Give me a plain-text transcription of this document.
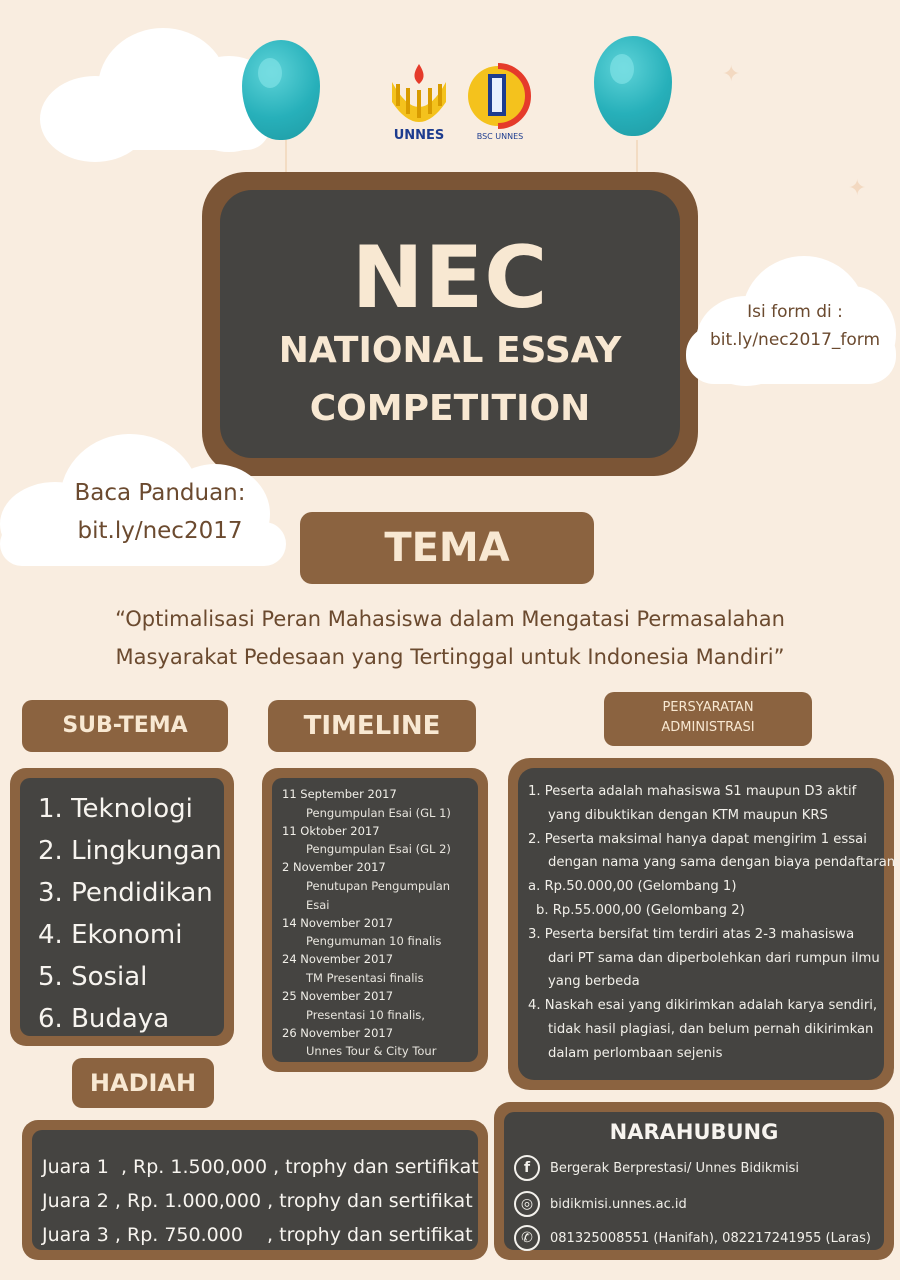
✦
✦
UNNES	BSC UNNES
NEC
NATIONAL ESSAY
COMPETITION
Isi form di :
bit.ly/nec2017_form
Baca Panduan:
bit.ly/nec2017	TEMA
“Optimalisasi Peran Mahasiswa dalam Mengatasi Permasalahan
Masyarakat Pedesaan yang Tertinggal untuk Indonesia Mandiri”
SUB-TEMA
1. Teknologi
2. Lingkungan
3. Pendidikan
4. Ekonomi
5. Sosial
6. Budaya
TIMELINE
11 September 2017
Pengumpulan Esai (GL 1)
11 Oktober 2017
Pengumpulan Esai (GL 2)
2 November 2017
Penutupan Pengumpulan
Esai
14 November 2017
Pengumuman 10 finalis
24 November 2017
TM Presentasi finalis
25 November 2017
Presentasi 10 finalis,
26 November 2017
Unnes Tour & City Tour
PERSYARATAN
ADMINISTRASI
1. Peserta adalah mahasiswa S1 maupun D3 aktif
yang dibuktikan dengan KTM maupun KRS
2. Peserta maksimal hanya dapat mengirim 1 essai
dengan nama yang sama dengan biaya pendaftaran:
a. Rp.50.000,00 (Gelombang 1)
b. Rp.55.000,00 (Gelombang 2)
3. Peserta bersifat tim terdiri atas 2-3 mahasiswa
dari PT sama dan diperbolehkan dari rumpun ilmu
yang berbeda
4. Naskah esai yang dikirimkan adalah karya sendiri,
tidak hasil plagiasi, dan belum pernah dikirimkan
dalam perlombaan sejenis
HADIAH
Juara 1  , Rp. 1.500,000 , trophy dan sertifikat
Juara 2 , Rp. 1.000,000 , trophy dan sertifikat
Juara 3 , Rp. 750.000    , trophy dan sertifikat
NARAHUBUNG
f	Bergerak Berprestasi/ Unnes Bidikmisi
◎	bidikmisi.unnes.ac.id
✆	081325008551 (Hanifah), 082217241955 (Laras)
